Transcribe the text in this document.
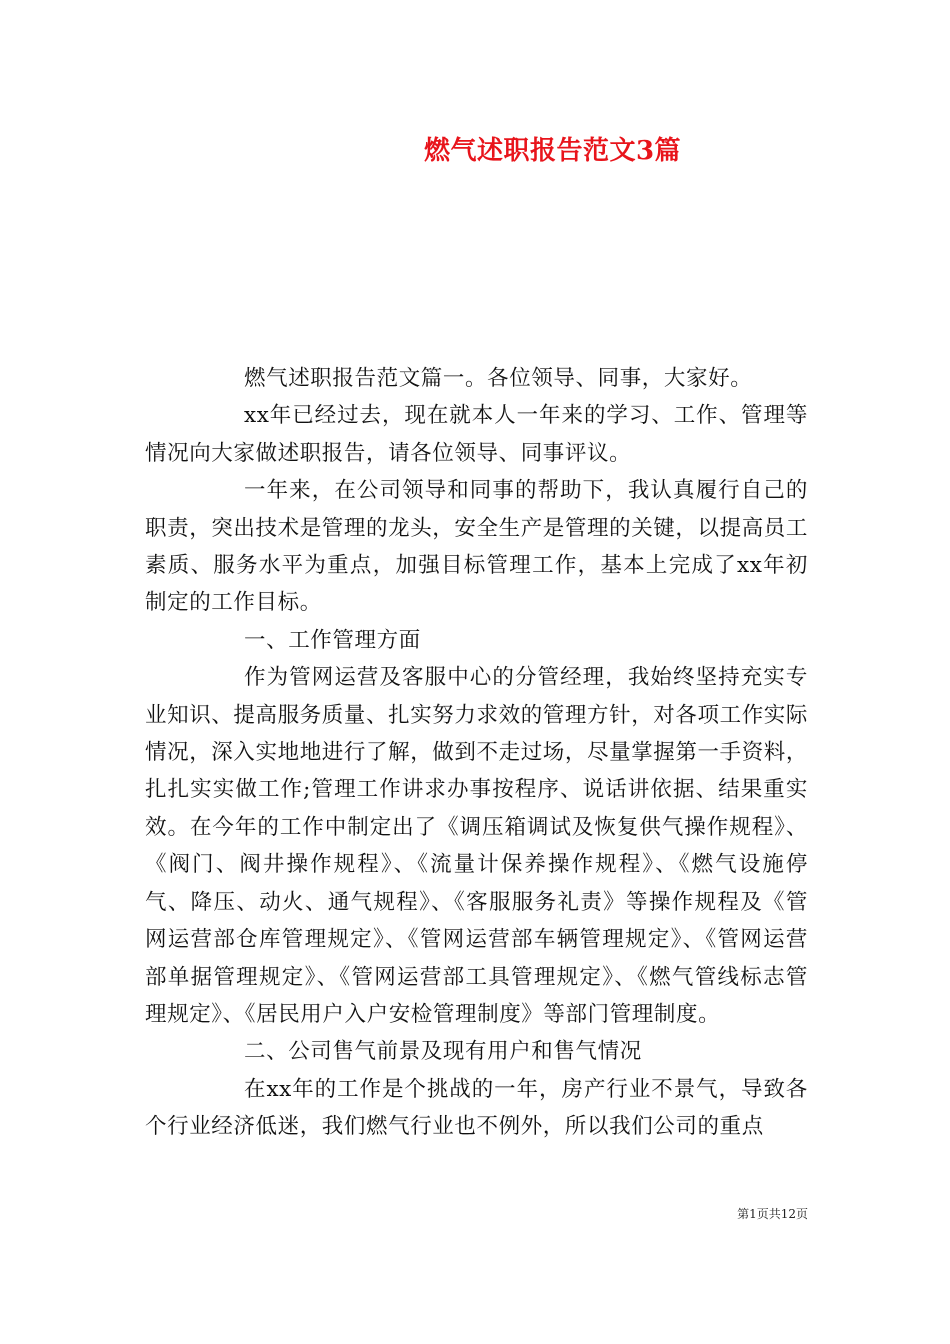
燃气述职报告范文3篇

燃气述职报告范文篇一。各位领导、同事，大家好。

xx年已经过去，现在就本人一年来的学习、工作、管理等情况向大家做述职报告，请各位领导、同事评议。

一年来，在公司领导和同事的帮助下，我认真履行自己的职责，突出技术是管理的龙头，安全生产是管理的关键，以提高员工素质、服务水平为重点，加强目标管理工作，基本上完成了xx年初制定的工作目标。

一、工作管理方面

作为管网运营及客服中心的分管经理，我始终坚持充实专业知识、提高服务质量、扎实努力求效的管理方针，对各项工作实际情况，深入实地地进行了解，做到不走过场，尽量掌握第一手资料，扎扎实实做工作;管理工作讲求办事按程序、说话讲依据、结果重实效。在今年的工作中制定出了《调压箱调试及恢复供气操作规程》、《阀门、阀井操作规程》、《流量计保养操作规程》、《燃气设施停气、降压、动火、通气规程》、《客服服务礼责》等操作规程及《管网运营部仓库管理规定》、《管网运营部车辆管理规定》、《管网运营部单据管理规定》、《管网运营部工具管理规定》、《燃气管线标志管理规定》、《居民用户入户安检管理制度》等部门管理制度。

二、公司售气前景及现有用户和售气情况

在xx年的工作是个挑战的一年，房产行业不景气，导致各个行业经济低迷，我们燃气行业也不例外，所以我们公司的重点

第1页共12页
